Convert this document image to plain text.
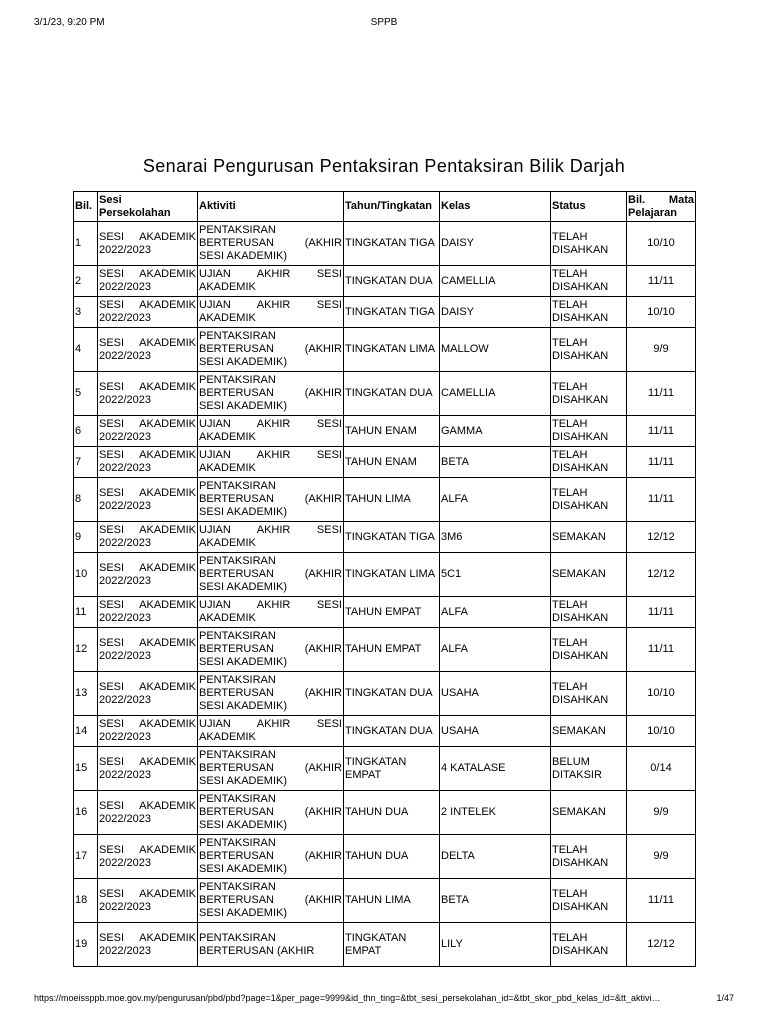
3/1/23, 9:20 PM	SPPB
Senarai Pengurusan Pentaksiran Pentaksiran Bilik Darjah
Bil.	Sesi Persekolahan	Aktiviti	Tahun/Tingkatan	Kelas	Status	Bil. Mata Pelajaran
1	SESI AKADEMIK 2022/2023	PENTAKSIRAN BERTERUSAN (AKHIR SESI AKADEMIK)	TINGKATAN TIGA	DAISY	TELAH DISAHKAN	10/10
2	SESI AKADEMIK 2022/2023	UJIAN AKHIR SESI AKADEMIK	TINGKATAN DUA	CAMELLIA	TELAH DISAHKAN	11/11
3	SESI AKADEMIK 2022/2023	UJIAN AKHIR SESI AKADEMIK	TINGKATAN TIGA	DAISY	TELAH DISAHKAN	10/10
4	SESI AKADEMIK 2022/2023	PENTAKSIRAN BERTERUSAN (AKHIR SESI AKADEMIK)	TINGKATAN LIMA	MALLOW	TELAH DISAHKAN	9/9
5	SESI AKADEMIK 2022/2023	PENTAKSIRAN BERTERUSAN (AKHIR SESI AKADEMIK)	TINGKATAN DUA	CAMELLIA	TELAH DISAHKAN	11/11
6	SESI AKADEMIK 2022/2023	UJIAN AKHIR SESI AKADEMIK	TAHUN ENAM	GAMMA	TELAH DISAHKAN	11/11
7	SESI AKADEMIK 2022/2023	UJIAN AKHIR SESI AKADEMIK	TAHUN ENAM	BETA	TELAH DISAHKAN	11/11
8	SESI AKADEMIK 2022/2023	PENTAKSIRAN BERTERUSAN (AKHIR SESI AKADEMIK)	TAHUN LIMA	ALFA	TELAH DISAHKAN	11/11
9	SESI AKADEMIK 2022/2023	UJIAN AKHIR SESI AKADEMIK	TINGKATAN TIGA	3M6	SEMAKAN	12/12
10	SESI AKADEMIK 2022/2023	PENTAKSIRAN BERTERUSAN (AKHIR SESI AKADEMIK)	TINGKATAN LIMA	5C1	SEMAKAN	12/12
11	SESI AKADEMIK 2022/2023	UJIAN AKHIR SESI AKADEMIK	TAHUN EMPAT	ALFA	TELAH DISAHKAN	11/11
12	SESI AKADEMIK 2022/2023	PENTAKSIRAN BERTERUSAN (AKHIR SESI AKADEMIK)	TAHUN EMPAT	ALFA	TELAH DISAHKAN	11/11
13	SESI AKADEMIK 2022/2023	PENTAKSIRAN BERTERUSAN (AKHIR SESI AKADEMIK)	TINGKATAN DUA	USAHA	TELAH DISAHKAN	10/10
14	SESI AKADEMIK 2022/2023	UJIAN AKHIR SESI AKADEMIK	TINGKATAN DUA	USAHA	SEMAKAN	10/10
15	SESI AKADEMIK 2022/2023	PENTAKSIRAN BERTERUSAN (AKHIR SESI AKADEMIK)	TINGKATAN EMPAT	4 KATALASE	BELUM DITAKSIR	0/14
16	SESI AKADEMIK 2022/2023	PENTAKSIRAN BERTERUSAN (AKHIR SESI AKADEMIK)	TAHUN DUA	2 INTELEK	SEMAKAN	9/9
17	SESI AKADEMIK 2022/2023	PENTAKSIRAN BERTERUSAN (AKHIR SESI AKADEMIK)	TAHUN DUA	DELTA	TELAH DISAHKAN	9/9
18	SESI AKADEMIK 2022/2023	PENTAKSIRAN BERTERUSAN (AKHIR SESI AKADEMIK)	TAHUN LIMA	BETA	TELAH DISAHKAN	11/11
19	SESI AKADEMIK 2022/2023	PENTAKSIRAN BERTERUSAN (AKHIR	TINGKATAN EMPAT	LILY	TELAH DISAHKAN	12/12
https://moeissppb.moe.gov.my/pengurusan/pbd/pbd?page=1&per_page=9999&id_thn_ting=&tbt_sesi_persekolahan_id=&tbt_skor_pbd_kelas_id=&tt_aktivi…	1/47
